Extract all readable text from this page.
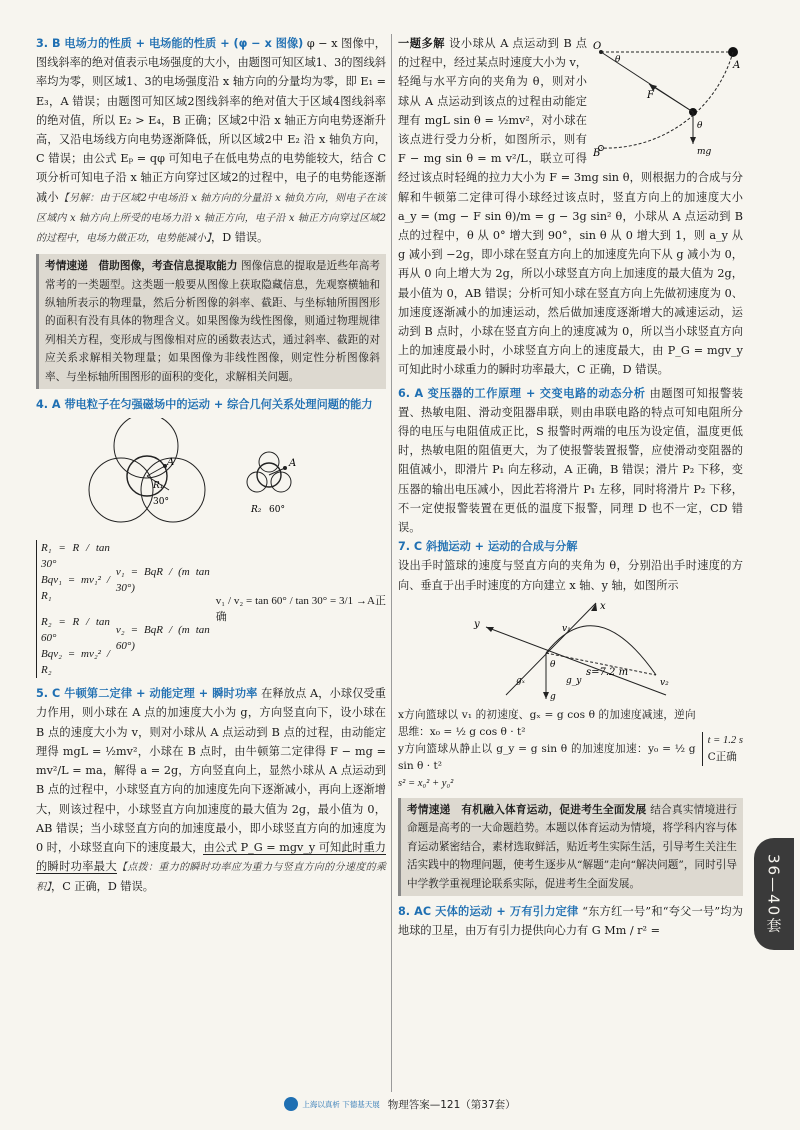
3. B 电场力的性质 + 电场能的性质 + (φ − x 图像) φ − x 图像中，图线斜率的绝对值表示电场强度的大小，由题图可知区域1、3的图线斜率均为零，则区域1、3的电场强度沿 x 轴方向的分量均为零，即 E₁ = E₃，A 错误；由题图可知区域2图线斜率的绝对值大于区域4图线斜率的绝对值，所以 E₂ > E₄，B 正确；区域2中沿 x 轴正方向电势逐渐升高，又沿电场线方向电势逐渐降低，所以区域2中 E₂ 沿 x 轴负方向，C 错误；由公式 Eₚ = qφ 可知电子在低电势点的电势能较大，结合 C 项分析可知电子沿 x 轴正方向穿过区域2的过程中，电子的电势能逐渐减小【另解：由于区域2中电场沿 x 轴方向的分量沿 x 轴负方向，则电子在该区域内 x 轴方向上所受的电场力沿 x 轴正方向，电子沿 x 轴正方向穿过区域2的过程中，电场力做正功，电势能减小】，D 错误。

考情速递　借助图像，考查信息提取能力 图像信息的提取是近些年高考常考的一类题型。这类题一般要从图像上获取隐藏信息，先观察横轴和纵轴所表示的物理量，然后分析图像的斜率、截距、与坐标轴所围图形的面积有没有具体的物理含义。如果图像为线性图像，则通过物理规律列相关方程，变形成与图像相对应的函数表达式，通过斜率、截距的对应关系求解相关物理量；如果图像为非线性图像，则定性分析图像斜率、与坐标轴所围图形的面积的变化，求解相关问题。

4. A 带电粒子在匀强磁场中的运动 + 综合几何关系处理问题的能力

A
R₁
30°
A
R₂ 60°
R₁ = R / tan 30°
Bqv₁ = mv₁² / R₁
R₂ = R / tan 60°
Bqv₂ = mv₂² / R₂
v₁ = BqR / (m tan 30°)
v₂ = BqR / (m tan 60°)
v₁ / v₂ = tan 60° / tan 30° = 3/1 →A正确

5. C 牛顿第二定律 + 动能定理 + 瞬时功率 在释放点 A，小球仅受重力作用，则小球在 A 点的加速度大小为 g，方向竖直向下，设小球在 B 点的速度大小为 v，则对小球从 A 点运动到 B 点的过程，由动能定理得 mgL = ½mv²，小球在 B 点时，由牛顿第二定律得 F − mg = mv²/L = ma，解得 a = 2g，方向竖直向上，显然小球从 A 点运动到 B 点的过程中，小球竖直方向的加速度先向下逐渐减小，再向上逐渐增大，则该过程中，小球竖直方向加速度的最大值为 2g，最小值为 0，AB 错误；当小球竖直方向的加速度最小，即小球竖直方向的加速度为 0 时，小球竖直向下的速度最大，由公式 P_G = mgv_y 可知此时重力的瞬时功率最大【点拨：重力的瞬时功率应为重力与竖直方向的分速度的乘积】，C 正确，D 错误。

一题多解	O
A
B
F
θ
θ
mg
设小球从 A 点运动到 B 点的过程中，经过某点时速度大小为 v，轻绳与水平方向的夹角为 θ，则对小球从 A 点运动到该点的过程由动能定理有 mgL sin θ = ½mv²，对小球在该点进行受力分析，如图所示，则有 F − mg sin θ = m v²/L，联立可得经过该点时轻绳的拉力大小为 F = 3mg sin θ，则根据力的合成与分解和牛顿第二定律可得小球经过该点时，竖直方向上的加速度大小 a_y = (mg − F sin θ)/m = g − 3g sin² θ，小球从 A 点运动到 B 点的过程中，θ 从 0° 增大到 90°，sin θ 从 0 增大到 1，则 a_y 从 g 减小到 −2g，即小球在竖直方向上的加速度先向下从 g 减小为 0，再从 0 向上增大为 2g，所以小球竖直方向上加速度的最大值为 2g，最小值为 0，AB 错误；分析可知小球在竖直方向上先做初速度为 0、加速度逐渐减小的加速运动，然后做加速度逐渐增大的减速运动，运动到 B 点时，小球在竖直方向上的速度减为 0，所以当小球竖直方向上的加速度最小时，小球竖直方向上的速度最大，由 P_G = mgv_y 可知此时小球重力的瞬时功率最大，C 正确，D 错误。

6. A 变压器的工作原理 + 交变电路的动态分析 由题图可知报警装置、热敏电阻、滑动变阻器串联，则由串联电路的特点可知电阻所分得的电压与电阻值成正比，S 报警时两端的电压为设定值，温度更低时，热敏电阻的阻值更大，为了使报警装置报警，应使滑动变阻器的阻值减小，即滑片 P₁ 向左移动，A 正确，B 错误；滑片 P₂ 下移，变压器的输出电压减小，因此若将滑片 P₁ 左移，同时将滑片 P₂ 下移，不一定使报警装置在更低的温度下报警，同理 D 也不一定，CD 错误。

7. C 斜抛运动 + 运动的合成与分解
设出手时篮球的速度与竖直方向的夹角为 θ，分别沿出手时速度的方向、垂直于出手时速度的方向建立 x 轴、y 轴，如图所示

x
y	v₁
v₂
s=7.2 m
θ
gₓ	g_y
g
x方向篮球以 v₁ 的初速度、gₓ = g cos θ 的加速度减速，逆向思维：x₀ = ½ g cos θ · t²
y方向篮球从静止以 g_y = g sin θ 的加速度加速：y₀ = ½ g sin θ · t²
s² = x₀² + y₀²
t = 1.2 s
C正确
考情速递　有机融入体育运动，促进考生全面发展 结合真实情境进行命题是高考的一大命题趋势。本题以体育运动为情境，将学科内容与体育运动紧密结合，素材选取鲜活，贴近考生实际生活，引导考生关注生活实践中的物理问题，使考生逐步从“解题”走向“解决问题”，同时引导中学教学重视理论联系实际，促进考生全面发展。

8. AC 天体的运动 + 万有引力定律 “东方红一号”和“夸父一号”均为地球的卫星，由万有引力提供向心力有 G Mm / r² =	36—40套
上海以真析 下德基天展 物理答案—121（第37套）
